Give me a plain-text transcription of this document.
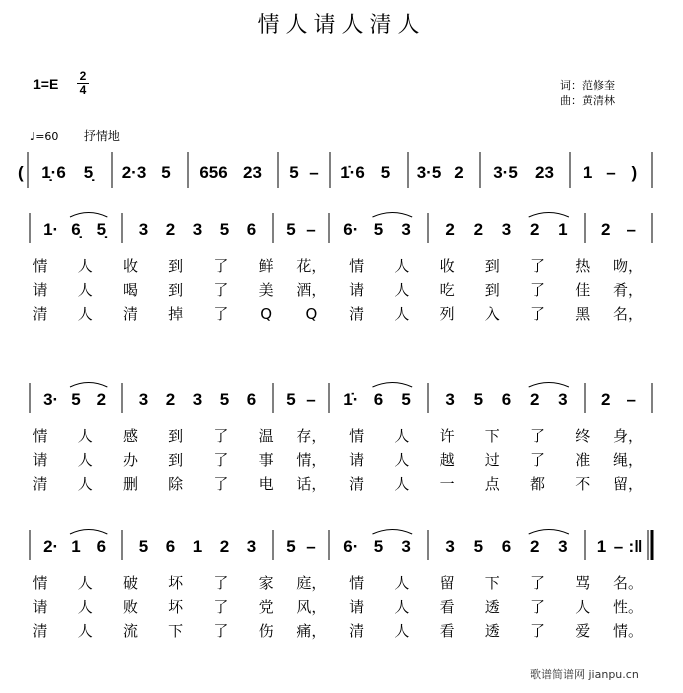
情人请人清人
1=E	2
4	词：范修奎
曲：黄清林
♩=60 抒情地
( 1̣·6 5̣ 2·3 5 656 23 5 – 1̇·6 5 3·5 2 3·5 23 1 – )
1· 6̣ 5̣ 3 2 3 5 6 5 – 6· 5 3 2 2 3 2 1 2 –
情 人 收 到 了 鲜 花， 情 人 收 到 了 热 吻，
请 人 喝 到 了 美 酒， 请 人 吃 到 了 佳 肴，
清 人 清 掉 了 Q Q 清 人 列 入 了 黑 名，
3· 5 2 3 2 3 5 6 5 – 1̇· 6 5 3 5 6 2 3 2 –
情 人 感 到 了 温 存， 情 人 许 下 了 终 身，
请 人 办 到 了 事 情， 请 人 越 过 了 准 绳，
清 人 删 除 了 电 话， 清 人 一 点 都 不 留，
2· 1 6 5 6 1 2 3 5 – 6· 5 3 3 5 6 2 3 1 – :‖
情 人 破 坏 了 家 庭， 情 人 留 下 了 骂 名。
请 人 败 坏 了 党 风， 请 人 看 透 了 人 性。
清 人 流 下 了 伤 痛， 清 人 看 透 了 爱 情。
歌谱简谱网 jianpu.cn
